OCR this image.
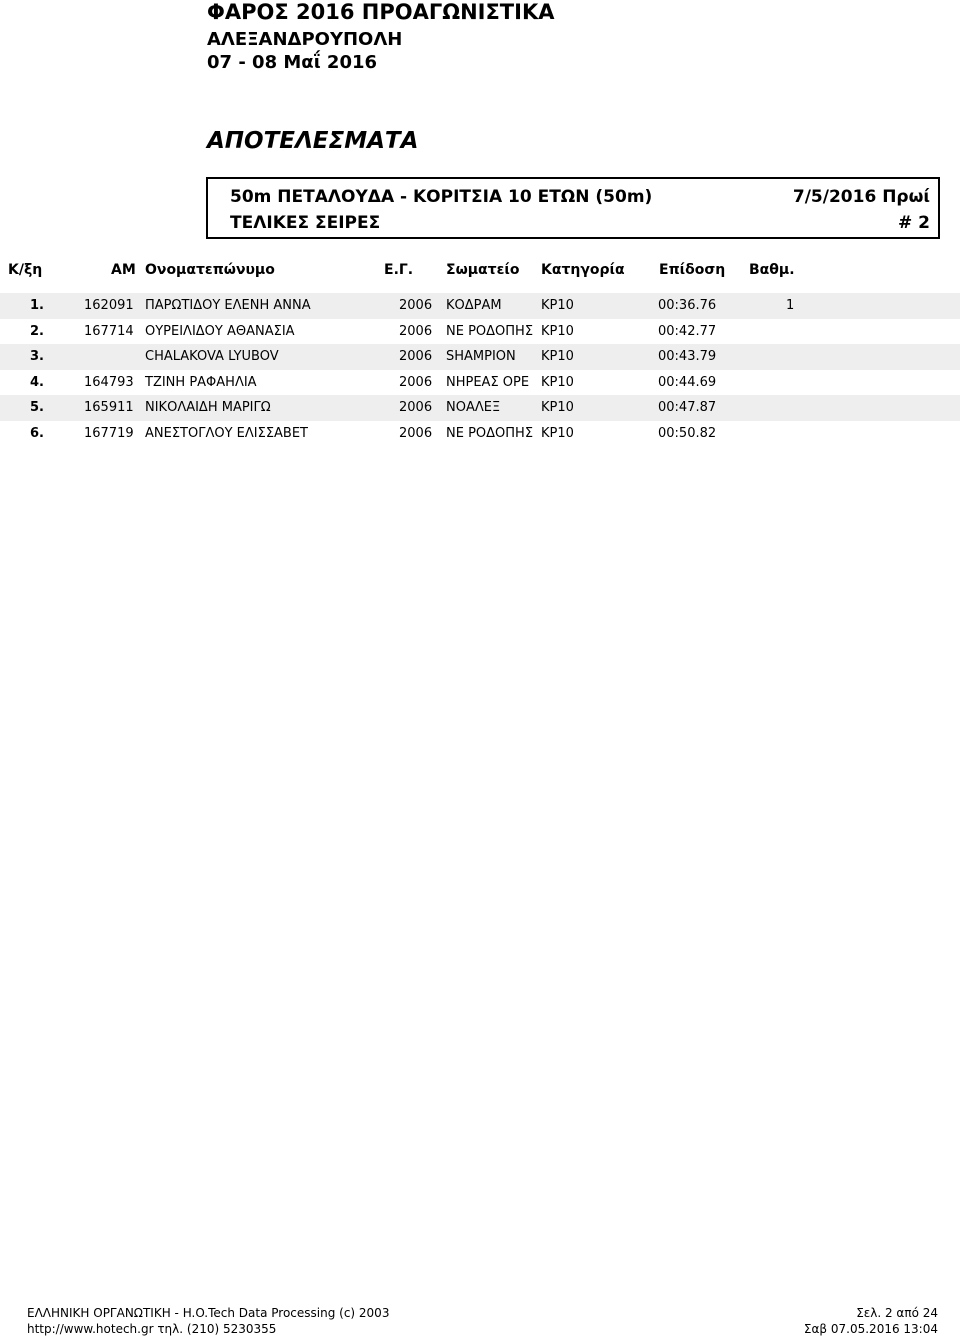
ΦΑΡΟΣ 2016 ΠΡΟΑΓΩΝΙΣΤΙΚΑ
ΑΛΕΞΑΝΔΡΟΥΠΟΛΗ
07 - 08 Μαΐ 2016
ΑΠΟΤΕΛΕΣΜΑΤΑ
50m ΠΕΤΑΛΟΥΔΑ - ΚΟΡΙΤΣΙΑ 10 ΕΤΩΝ (50m)
ΤΕΛΙΚΕΣ ΣΕΙΡΕΣ
7/5/2016 Πρωί
# 2
Κ/ξη	ΑΜ Ονοματεπώνυμο	Ε.Γ. Σωματείο Κατηγορία Επίδοση Βαθμ.
1.	162091 ΠΑΡΩΤΙΔΟΥ ΕΛΕΝΗ ΑΝΝΑ	2006 ΚΟΔΡΑΜ	ΚΡ10	00:36.76	1
2.	167714 ΟΥΡΕΙΛΙΔΟΥ ΑΘΑΝΑΣΙΑ	2006 ΝΕ ΡΟΔΟΠΗΣ ΚΡ10	00:42.77
3.	CHALAKOVA LYUBOV	2006 SHAMPION	ΚΡ10	00:43.79
4.	164793 ΤΖΙΝΗ ΡΑΦΑΗΛΙΑ	2006 ΝΗΡΕΑΣ ΟΡΕ ΚΡ10	00:44.69
5.	165911 ΝΙΚΟΛΑΙΔΗ ΜΑΡΙΓΩ	2006 ΝΟΑΛΕΞ	ΚΡ10	00:47.87
6.	167719 ΑΝΕΣΤΟΓΛΟΥ ΕΛΙΣΣΑΒΕΤ	2006 ΝΕ ΡΟΔΟΠΗΣ ΚΡ10	00:50.82
ΕΛΛΗΝΙΚΗ ΟΡΓΑΝΩΤΙΚΗ - H.O.Tech Data Processing (c) 2003
http://www.hotech.gr τηλ. (210) 5230355
Σελ. 2 από 24
Σαβ 07.05.2016 13:04
